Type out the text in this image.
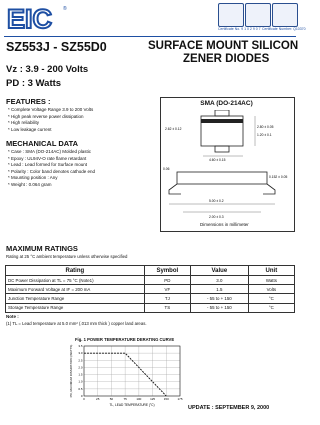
EIC ®
Certificate No. 9 1 0 2 9 0 7 Certificate Number: Q10370
SZ553J - SZ55D0	SURFACE MOUNT SILICON
ZENER DIODES
Vz : 3.9 - 200 Volts
PD : 3 Watts
FEATURES :
* Complete Voltage Range 3.9 to 200 Volts
* High peak reverse power dissipation
* High reliability
* Low leakage current
MECHANICAL DATA
* Case : SMA (DO-214AC) Molded plastic
* Epoxy : UL94V-O rate flame retardant
* Lead : Lead formed for Surface mount
* Polarity : Color band denotes cathode end
* Mounting position : Any
* Weight : 0.064 gram
SMA (DO-214AC)
2.80 ± 0.05
1.20 ± 0.1
4.60 ± 0.15
2.62 ± 0.12
0.152 ± 0.05
0.06
5.00 ± 0.2
2.00 ± 0.3
Dimensions in millimeter
MAXIMUM RATINGS
Rating at 25 °C ambient temperature unless otherwise specified
Rating	Symbol	Value	Unit
DC Power Dissipation at TL = 75 °C (Note1)	PD	3.0	Watts
Maximum Forward Voltage at IF = 200 mA	VF	1.5	Volts
Junction Temperature Range	TJ	- 55 to + 150	°C
Storage Temperature Range	TS	- 55 to + 150	°C
Note :
(1) TL = Lead temperature at 5.0 mm² (.013 mm thick ) copper land areas.
Fig. 1 POWER TEMPERATURE DERATING CURVE
0	25	50	75	100	125	150	175
0
0.5
1.0
1.5
2.0
2.5
3.0
3.5
TL, LEAD TEMPERATURE (°C)
PD, MAXIMUM DISSIPATION (WATTS)
UPDATE : SEPTEMBER 9, 2000
